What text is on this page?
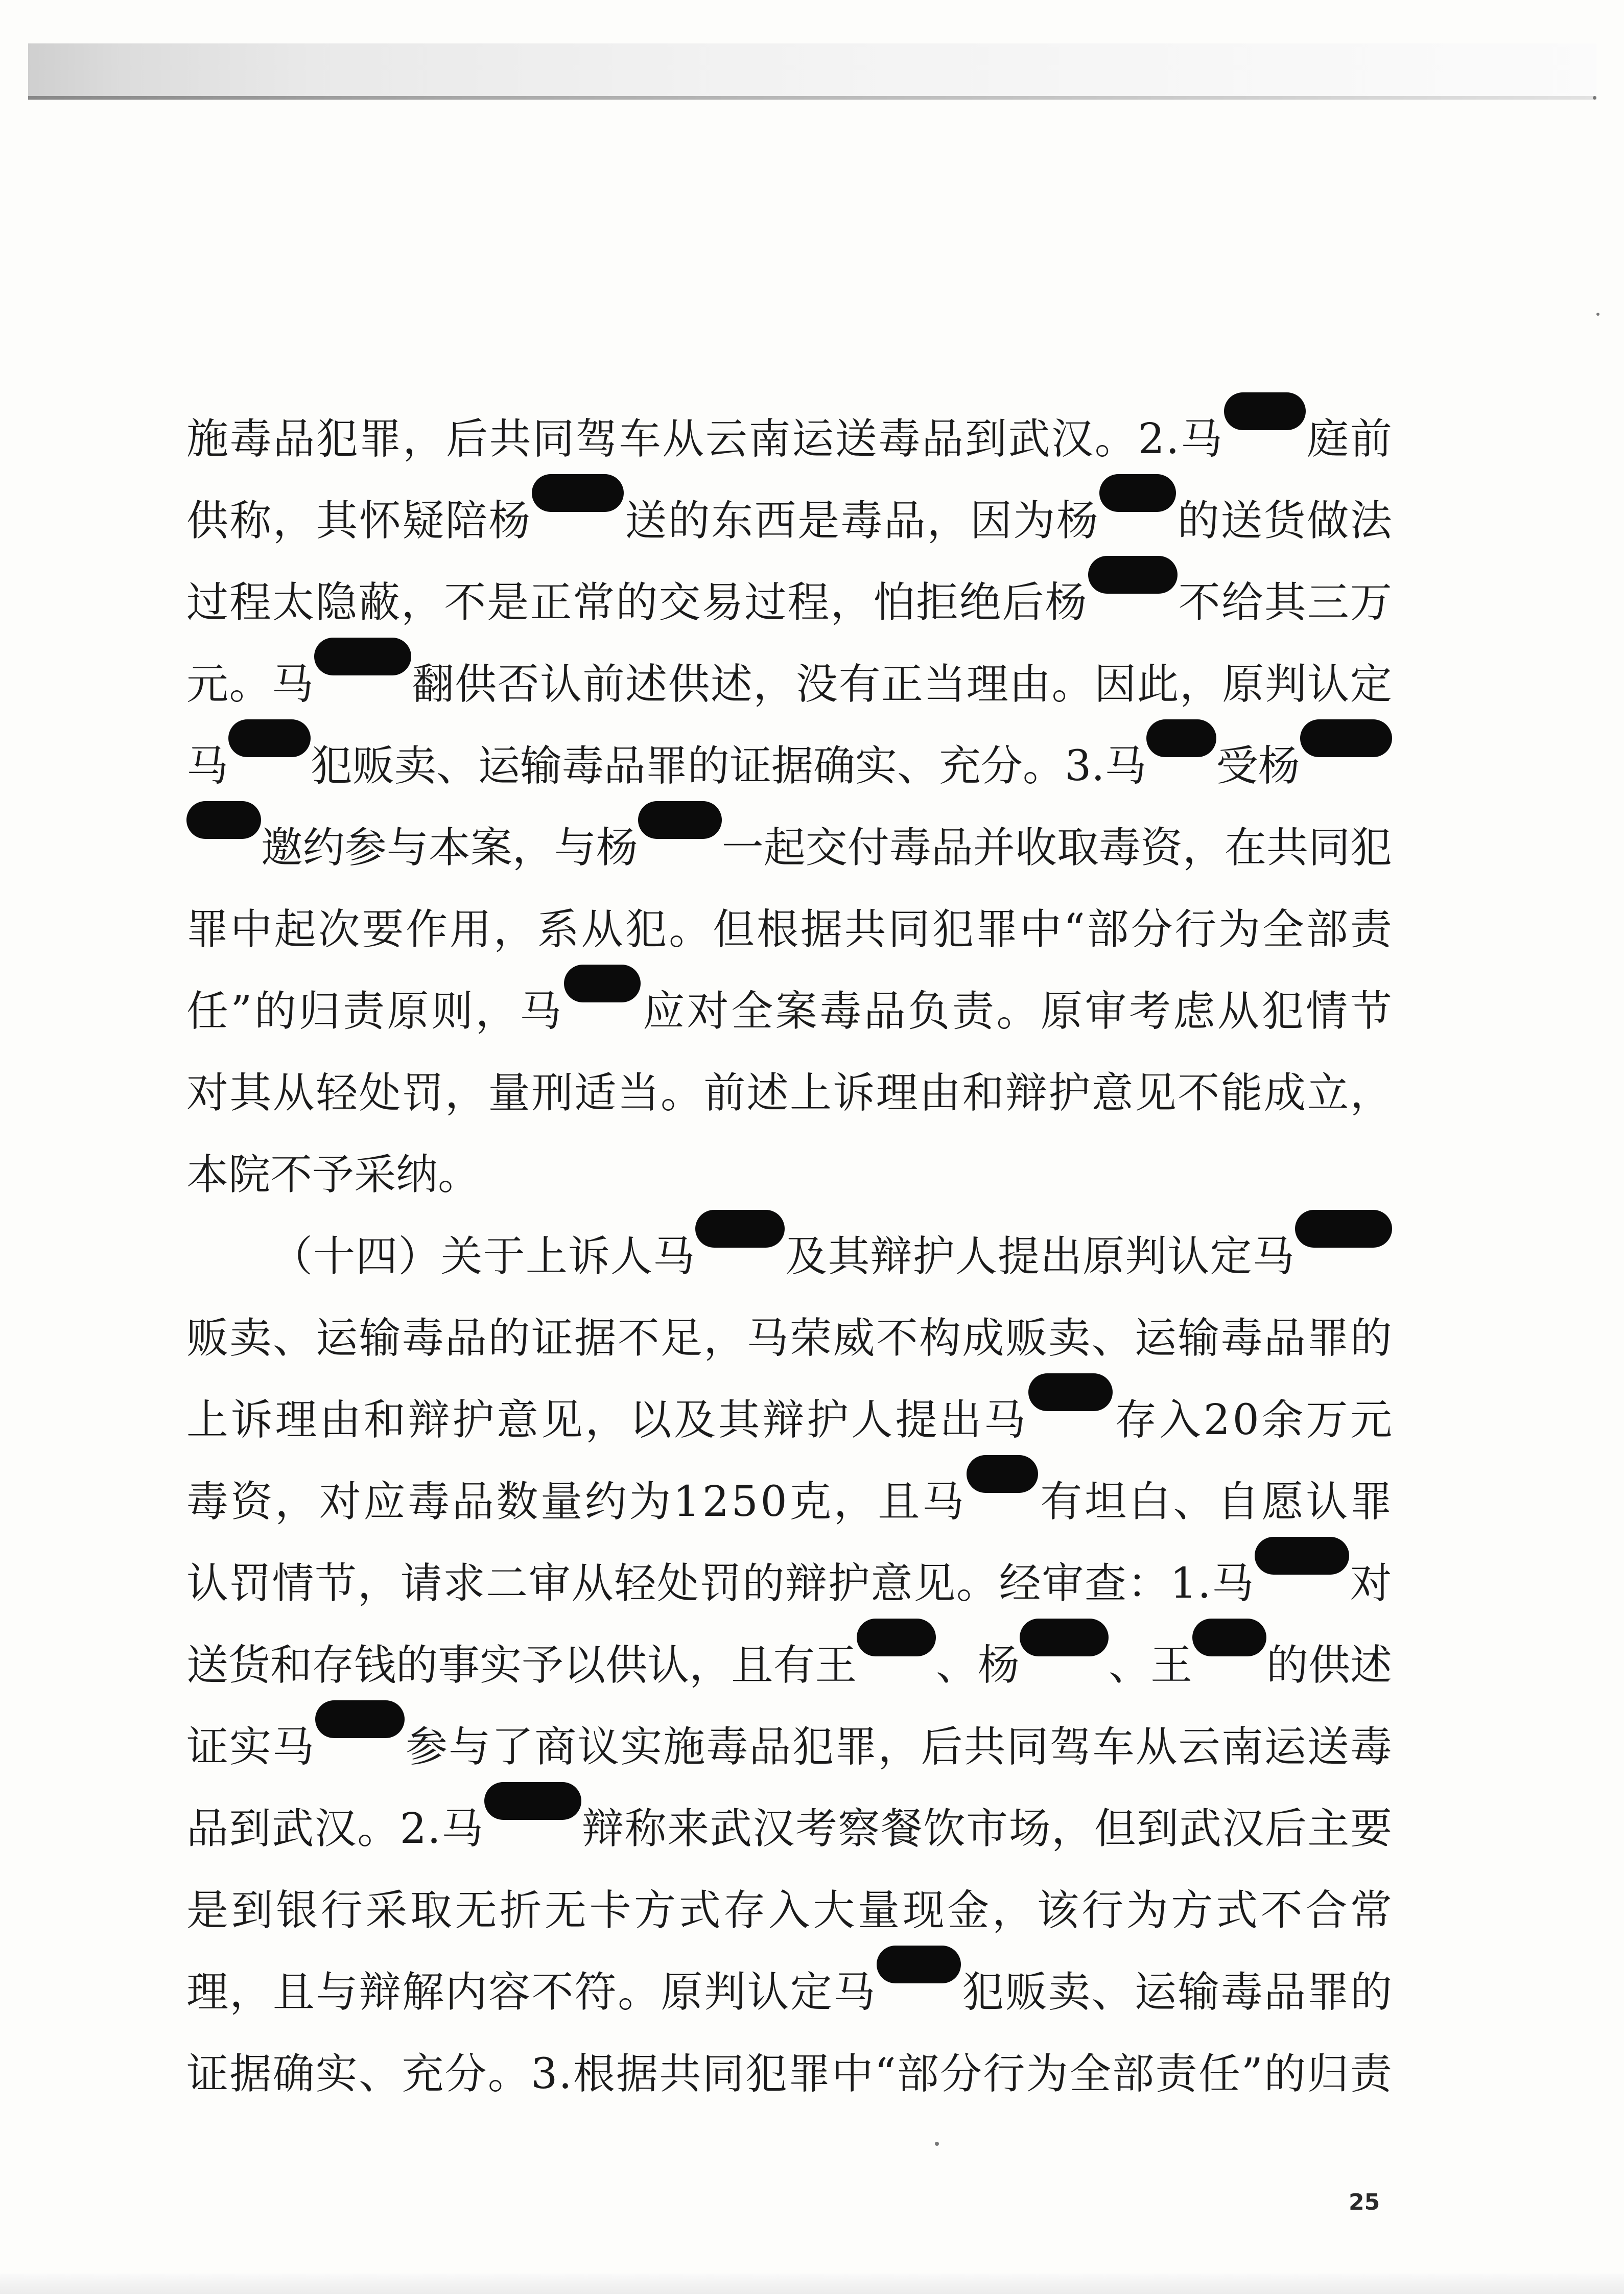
施 毒 品 犯 罪 ， 后 共 同 驾 车 从 云 南 运 送 毒 品 到 武 汉 。 2 . 马 庭 前
供 称 ， 其 怀 疑 陪 杨 送 的 东 西 是 毒 品 ， 因 为 杨 的 送 货 做 法
过 程 太 隐 蔽 ， 不 是 正 常 的 交 易 过 程 ， 怕 拒 绝 后 杨 不 给 其 三 万
元 。 马 翻 供 否 认 前 述 供 述 ， 没 有 正 当 理 由 。 因 此 ， 原 判 认 定
马 犯 贩 卖 、 运 输 毒 品 罪 的 证 据 确 实 、 充 分 。 3 . 马 受 杨
邀 约 参 与 本 案 ， 与 杨 一 起 交 付 毒 品 并 收 取 毒 资 ， 在 共 同 犯
罪 中 起 次 要 作 用 ， 系 从 犯 。 但 根 据 共 同 犯 罪 中 “ 部 分 行 为 全 部 责
任 ” 的 归 责 原 则 ， 马 应 对 全 案 毒 品 负 责 。 原 审 考 虑 从 犯 情 节
对 其 从 轻 处 罚 ， 量 刑 适 当 。 前 述 上 诉 理 由 和 辩 护 意 见 不 能 成 立 ，
本 院 不 予 采 纳 。
（ 十 四 ） 关 于 上 诉 人 马 及 其 辩 护 人 提 出 原 判 认 定 马
贩 卖 、 运 输 毒 品 的 证 据 不 足 ， 马 荣 威 不 构 成 贩 卖 、 运 输 毒 品 罪 的
上 诉 理 由 和 辩 护 意 见 ， 以 及 其 辩 护 人 提 出 马 存 入 2 0 余 万 元
毒 资 ， 对 应 毒 品 数 量 约 为 1 2 5 0 克 ， 且 马 有 坦 白 、 自 愿 认 罪
认 罚 情 节 ， 请 求 二 审 从 轻 处 罚 的 辩 护 意 见 。 经 审 查 ： 1 . 马 对
送 货 和 存 钱 的 事 实 予 以 供 认 ， 且 有 王 、 杨 、 王 的 供 述
证 实 马 参 与 了 商 议 实 施 毒 品 犯 罪 ， 后 共 同 驾 车 从 云 南 运 送 毒
品 到 武 汉 。 2 . 马 辩 称 来 武 汉 考 察 餐 饮 市 场 ， 但 到 武 汉 后 主 要
是 到 银 行 采 取 无 折 无 卡 方 式 存 入 大 量 现 金 ， 该 行 为 方 式 不 合 常
理 ， 且 与 辩 解 内 容 不 符 。 原 判 认 定 马 犯 贩 卖 、 运 输 毒 品 罪 的
证 据 确 实 、 充 分 。 3 . 根 据 共 同 犯 罪 中 “ 部 分 行 为 全 部 责 任 ” 的 归 责
25
